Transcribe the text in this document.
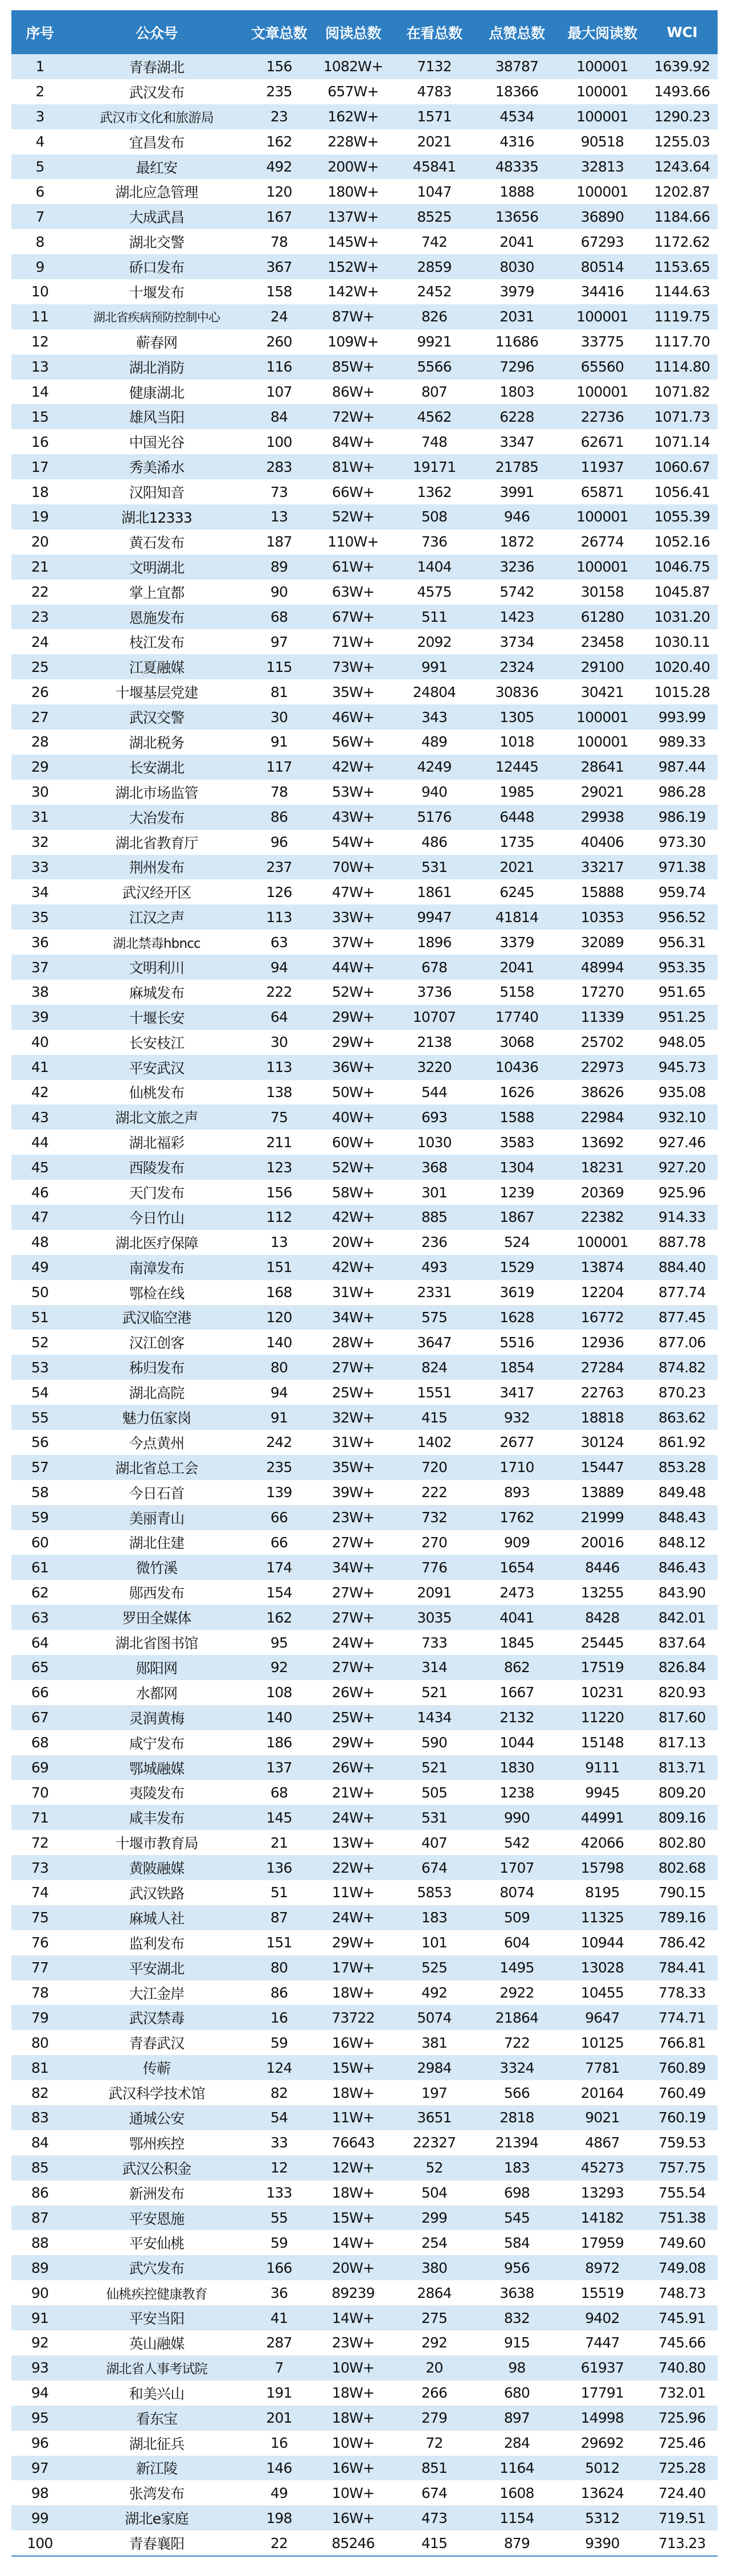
序号	公众号	文章总数	阅读总数	在看总数	点赞总数	最大阅读数	WCI
1	青春湖北	156	1082W+	7132	38787	100001	1639.92
2	武汉发布	235	657W+	4783	18366	100001	1493.66
3	武汉市文化和旅游局	23	162W+	1571	4534	100001	1290.23
4	宜昌发布	162	228W+	2021	4316	90518	1255.03
5	最红安	492	200W+	45841	48335	32813	1243.64
6	湖北应急管理	120	180W+	1047	1888	100001	1202.87
7	大成武昌	167	137W+	8525	13656	36890	1184.66
8	湖北交警	78	145W+	742	2041	67293	1172.62
9	硚口发布	367	152W+	2859	8030	80514	1153.65
10	十堰发布	158	142W+	2452	3979	34416	1144.63
11	湖北省疾病预防控制中心	24	87W+	826	2031	100001	1119.75
12	蕲春网	260	109W+	9921	11686	33775	1117.70
13	湖北消防	116	85W+	5566	7296	65560	1114.80
14	健康湖北	107	86W+	807	1803	100001	1071.82
15	雄风当阳	84	72W+	4562	6228	22736	1071.73
16	中国光谷	100	84W+	748	3347	62671	1071.14
17	秀美浠水	283	81W+	19171	21785	11937	1060.67
18	汉阳知音	73	66W+	1362	3991	65871	1056.41
19	湖北12333	13	52W+	508	946	100001	1055.39
20	黄石发布	187	110W+	736	1872	26774	1052.16
21	文明湖北	89	61W+	1404	3236	100001	1046.75
22	掌上宜都	90	63W+	4575	5742	30158	1045.87
23	恩施发布	68	67W+	511	1423	61280	1031.20
24	枝江发布	97	71W+	2092	3734	23458	1030.11
25	江夏融媒	115	73W+	991	2324	29100	1020.40
26	十堰基层党建	81	35W+	24804	30836	30421	1015.28
27	武汉交警	30	46W+	343	1305	100001	993.99
28	湖北税务	91	56W+	489	1018	100001	989.33
29	长安湖北	117	42W+	4249	12445	28641	987.44
30	湖北市场监管	78	53W+	940	1985	29021	986.28
31	大冶发布	86	43W+	5176	6448	29938	986.19
32	湖北省教育厅	96	54W+	486	1735	40406	973.30
33	荆州发布	237	70W+	531	2021	33217	971.38
34	武汉经开区	126	47W+	1861	6245	15888	959.74
35	江汉之声	113	33W+	9947	41814	10353	956.52
36	湖北禁毒hbncc	63	37W+	1896	3379	32089	956.31
37	文明利川	94	44W+	678	2041	48994	953.35
38	麻城发布	222	52W+	3736	5158	17270	951.65
39	十堰长安	64	29W+	10707	17740	11339	951.25
40	长安枝江	30	29W+	2138	3068	25702	948.05
41	平安武汉	113	36W+	3220	10436	22973	945.73
42	仙桃发布	138	50W+	544	1626	38626	935.08
43	湖北文旅之声	75	40W+	693	1588	22984	932.10
44	湖北福彩	211	60W+	1030	3583	13692	927.46
45	西陵发布	123	52W+	368	1304	18231	927.20
46	天门发布	156	58W+	301	1239	20369	925.96
47	今日竹山	112	42W+	885	1867	22382	914.33
48	湖北医疗保障	13	20W+	236	524	100001	887.78
49	南漳发布	151	42W+	493	1529	13874	884.40
50	鄂检在线	168	31W+	2331	3619	12204	877.74
51	武汉临空港	120	34W+	575	1628	16772	877.45
52	汉江创客	140	28W+	3647	5516	12936	877.06
53	秭归发布	80	27W+	824	1854	27284	874.82
54	湖北高院	94	25W+	1551	3417	22763	870.23
55	魅力伍家岗	91	32W+	415	932	18818	863.62
56	今点黄州	242	31W+	1402	2677	30124	861.92
57	湖北省总工会	235	35W+	720	1710	15447	853.28
58	今日石首	139	39W+	222	893	13889	849.48
59	美丽青山	66	23W+	732	1762	21999	848.43
60	湖北住建	66	27W+	270	909	20016	848.12
61	微竹溪	174	34W+	776	1654	8446	846.43
62	郧西发布	154	27W+	2091	2473	13255	843.90
63	罗田全媒体	162	27W+	3035	4041	8428	842.01
64	湖北省图书馆	95	24W+	733	1845	25445	837.64
65	郧阳网	92	27W+	314	862	17519	826.84
66	水都网	108	26W+	521	1667	10231	820.93
67	灵润黄梅	140	25W+	1434	2132	11220	817.60
68	咸宁发布	186	29W+	590	1044	15148	817.13
69	鄂城融媒	137	26W+	521	1830	9111	813.71
70	夷陵发布	68	21W+	505	1238	9945	809.20
71	咸丰发布	145	24W+	531	990	44991	809.16
72	十堰市教育局	21	13W+	407	542	42066	802.80
73	黄陂融媒	136	22W+	674	1707	15798	802.68
74	武汉铁路	51	11W+	5853	8074	8195	790.15
75	麻城人社	87	24W+	183	509	11325	789.16
76	监利发布	151	29W+	101	604	10944	786.42
77	平安湖北	80	17W+	525	1495	13028	784.41
78	大江金岸	86	18W+	492	2922	10455	778.33
79	武汉禁毒	16	73722	5074	21864	9647	774.71
80	青春武汉	59	16W+	381	722	10125	766.81
81	传蕲	124	15W+	2984	3324	7781	760.89
82	武汉科学技术馆	82	18W+	197	566	20164	760.49
83	通城公安	54	11W+	3651	2818	9021	760.19
84	鄂州疾控	33	76643	22327	21394	4867	759.53
85	武汉公积金	12	12W+	52	183	45273	757.75
86	新洲发布	133	18W+	504	698	13293	755.54
87	平安恩施	55	15W+	299	545	14182	751.38
88	平安仙桃	59	14W+	254	584	17959	749.60
89	武穴发布	166	20W+	380	956	8972	749.08
90	仙桃疾控健康教育	36	89239	2864	3638	15519	748.73
91	平安当阳	41	14W+	275	832	9402	745.91
92	英山融媒	287	23W+	292	915	7447	745.66
93	湖北省人事考试院	7	10W+	20	98	61937	740.80
94	和美兴山	191	18W+	266	680	17791	732.01
95	看东宝	201	18W+	279	897	14998	725.96
96	湖北征兵	16	10W+	72	284	29692	725.46
97	新江陵	146	16W+	851	1164	5012	725.28
98	张湾发布	49	10W+	674	1608	13624	724.40
99	湖北e家庭	198	16W+	473	1154	5312	719.51
100	青春襄阳	22	85246	415	879	9390	713.23
